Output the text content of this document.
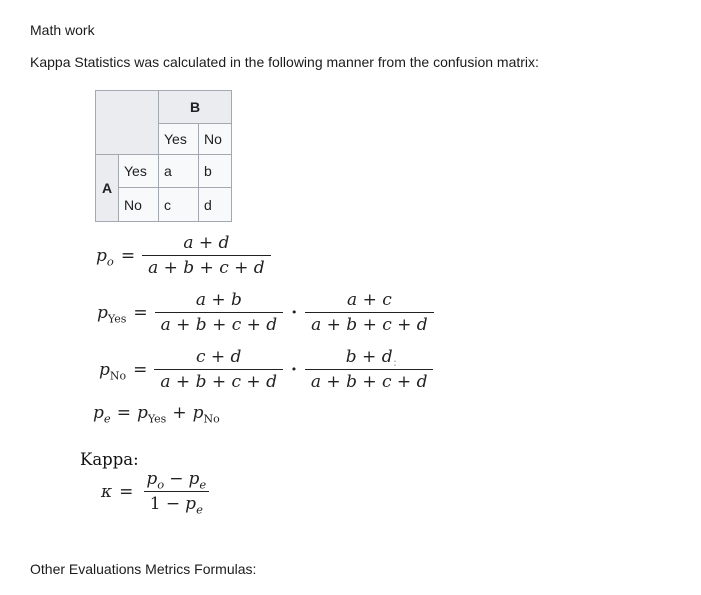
Math work
Kappa Statistics was calculated in the following manner from the confusion matrix:
		B	
		Yes	No
A	Yes	a	b
	No	c	d
$p_o = \frac{a + d}{a + b + c + d}$
$p_{Yes} = \frac{a + b}{a + b + c + d} \cdot \frac{a + c}{a + b + c + d}$
$p_{No} = \frac{c + d}{a + b + c + d} \cdot \frac{b + d}{a + b + c + d}$
:
$p_e = p_{Yes} + p_{No}$
Kappa:
$\kappa = \frac{p_o - p_e}{1 - p_e}$
Other Evaluations Metrics Formulas:
